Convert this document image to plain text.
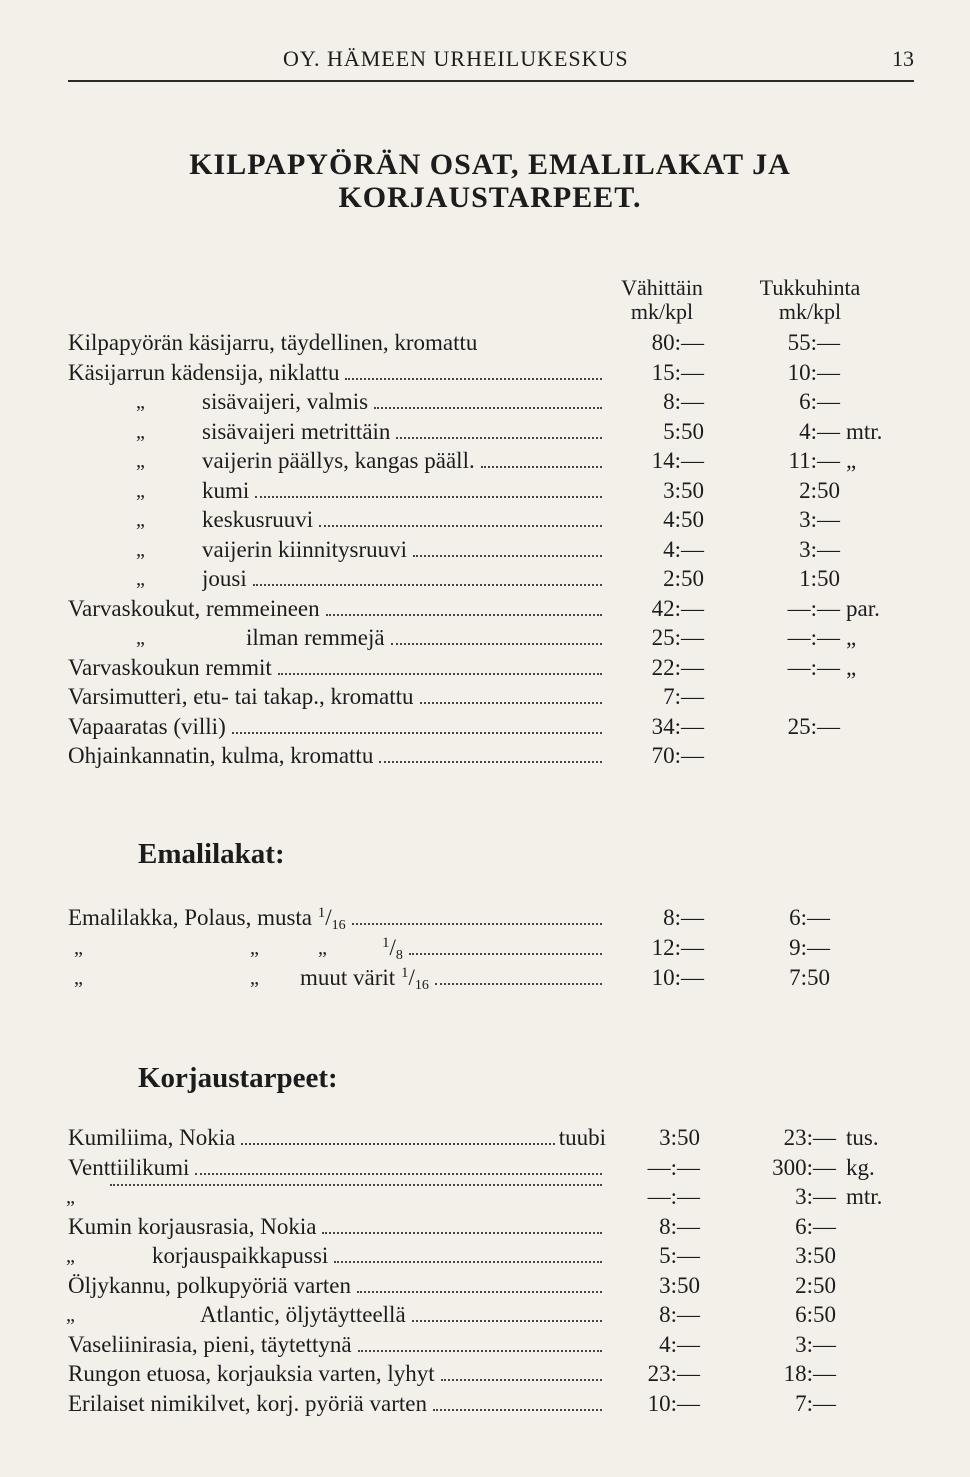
OY. HÄMEEN URHEILUKESKUS	13
KILPAPYÖRÄN OSAT, EMALILAKAT JA
KORJAUSTARPEET.
Vähittäin
mk/kpl
Tukkuhinta
mk/kpl
Kilpapyörän käsijarru, täydellinen, kromattu	80:—	55:—
Käsijarrun kädensija, niklattu	15:—	10:—
„ sisävaijeri, valmis	8:—	6:—
„ sisävaijeri metrittäin	5:50	4:— mtr.
„ vaijerin päällys, kangas pääll.	14:—	11:— „
„ kumi	3:50	2:50
„ keskusruuvi	4:50	3:—
„ vaijerin kiinnitysruuvi	4:—	3:—
„ jousi	2:50	1:50
Varvaskoukut, remmeineen	42:—	—:— par.
„	ilman remmejä	25:—	—:— „
Varvaskoukun remmit	22:—	—:— „
Varsimutteri, etu- tai takap., kromattu	7:—
Vapaaratas (villi)	34:—	25:—
Ohjainkannatin, kulma, kromattu	70:—
Emalilakat:
Emalilakka, Polaus, musta $^1/_{16}$	8:—	6:—
„	„	„	$^1/_8$	12:—	9:—
„	„ muut värit $^1/_{16}$	10:—	7:50
Korjaustarpeet:
Kumiliima, Nokia	tuubi	3:50	23:— tus.
Venttiilikumi	—:—	300:— kg.
„	—:—	3:— mtr.
Kumin korjausrasia, Nokia	8:—	6:—
„	korjauspaikkapussi	5:—	3:50
Öljykannu, polkupyöriä varten	3:50	2:50
„	Atlantic, öljytäytteellä	8:—	6:50
Vaseliinirasia, pieni, täytettynä	4:—	3:—
Rungon etuosa, korjauksia varten, lyhyt	23:—	18:—
Erilaiset nimikilvet, korj. pyöriä varten	10:—	7:—
